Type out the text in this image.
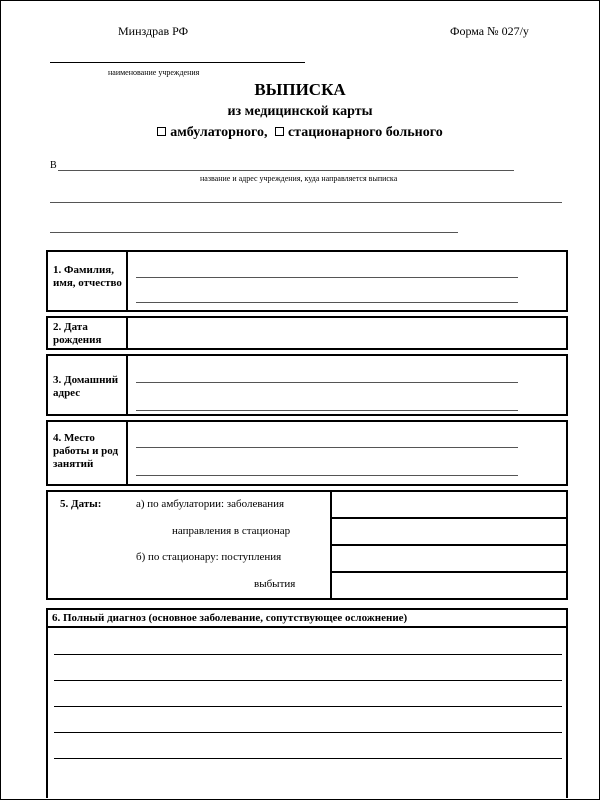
Минздрав РФ	Форма № 027/у
наименование учреждения
ВЫПИСКА
из медицинской карты
амбулаторного, стационарного больного
В
название и адрес учреждения, куда направляется выписка
1. Фамилия, имя, отчество
2. Дата рождения
3. Домашний адрес
4. Место работы и род занятий
5. Даты:	а) по амбулатории: заболевания
направления в стационар
б) по стационару: поступления
выбытия
6. Полный диагноз (основное заболевание, сопутствующее осложнение)
